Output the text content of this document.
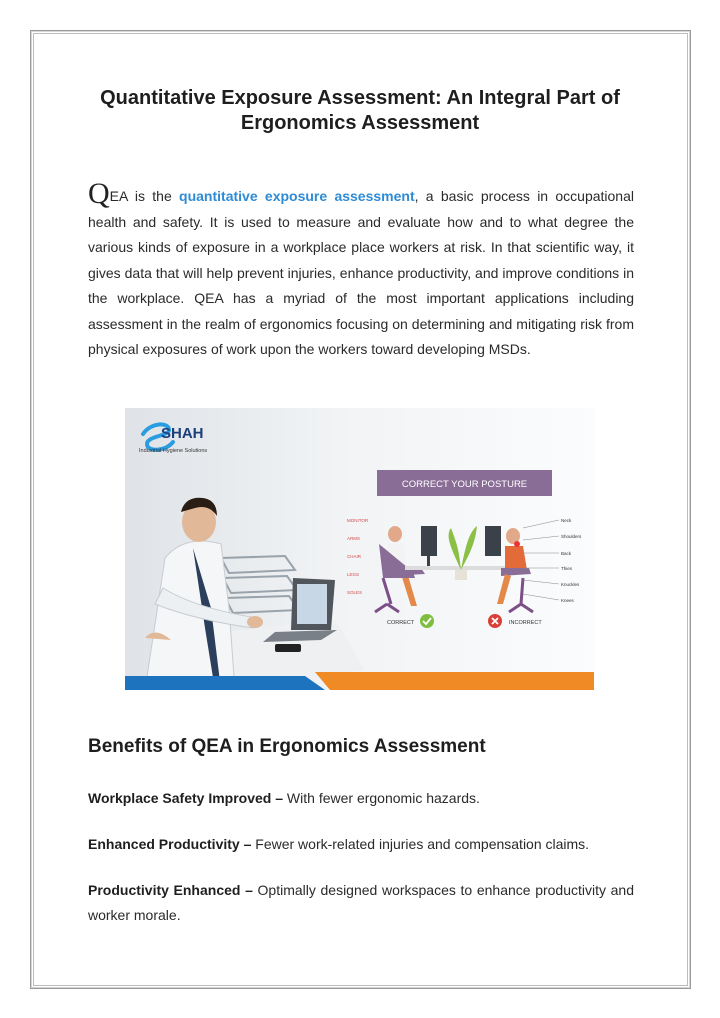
Quantitative Exposure Assessment: An Integral Part of
Ergonomics Assessment

QEA is the quantitative exposure assessment, a basic process in occupational health and safety. It is used to measure and evaluate how and to what degree the various kinds of exposure in a workplace place workers at risk. In that scientific way, it gives data that will help prevent injuries, enhance productivity, and improve conditions in the workplace. QEA has a myriad of the most important applications including assessment in the realm of ergonomics focusing on determining and mitigating risk from physical exposures of work upon the workers toward developing MSDs.

SHAH
Industrial Hygiene Solutions
CORRECT YOUR POSTURE
MONITOR
ARMS
CHAIR
LEGS
SOLES
Neck
Shoulders
Back
Thies
Knuckles
Knees
CORRECT	INCORRECT
Benefits of QEA in Ergonomics Assessment

Workplace Safety Improved – With fewer ergonomic hazards.

Enhanced Productivity – Fewer work-related injuries and compensation claims.

Productivity Enhanced – Optimally designed workspaces to enhance productivity and worker morale.
